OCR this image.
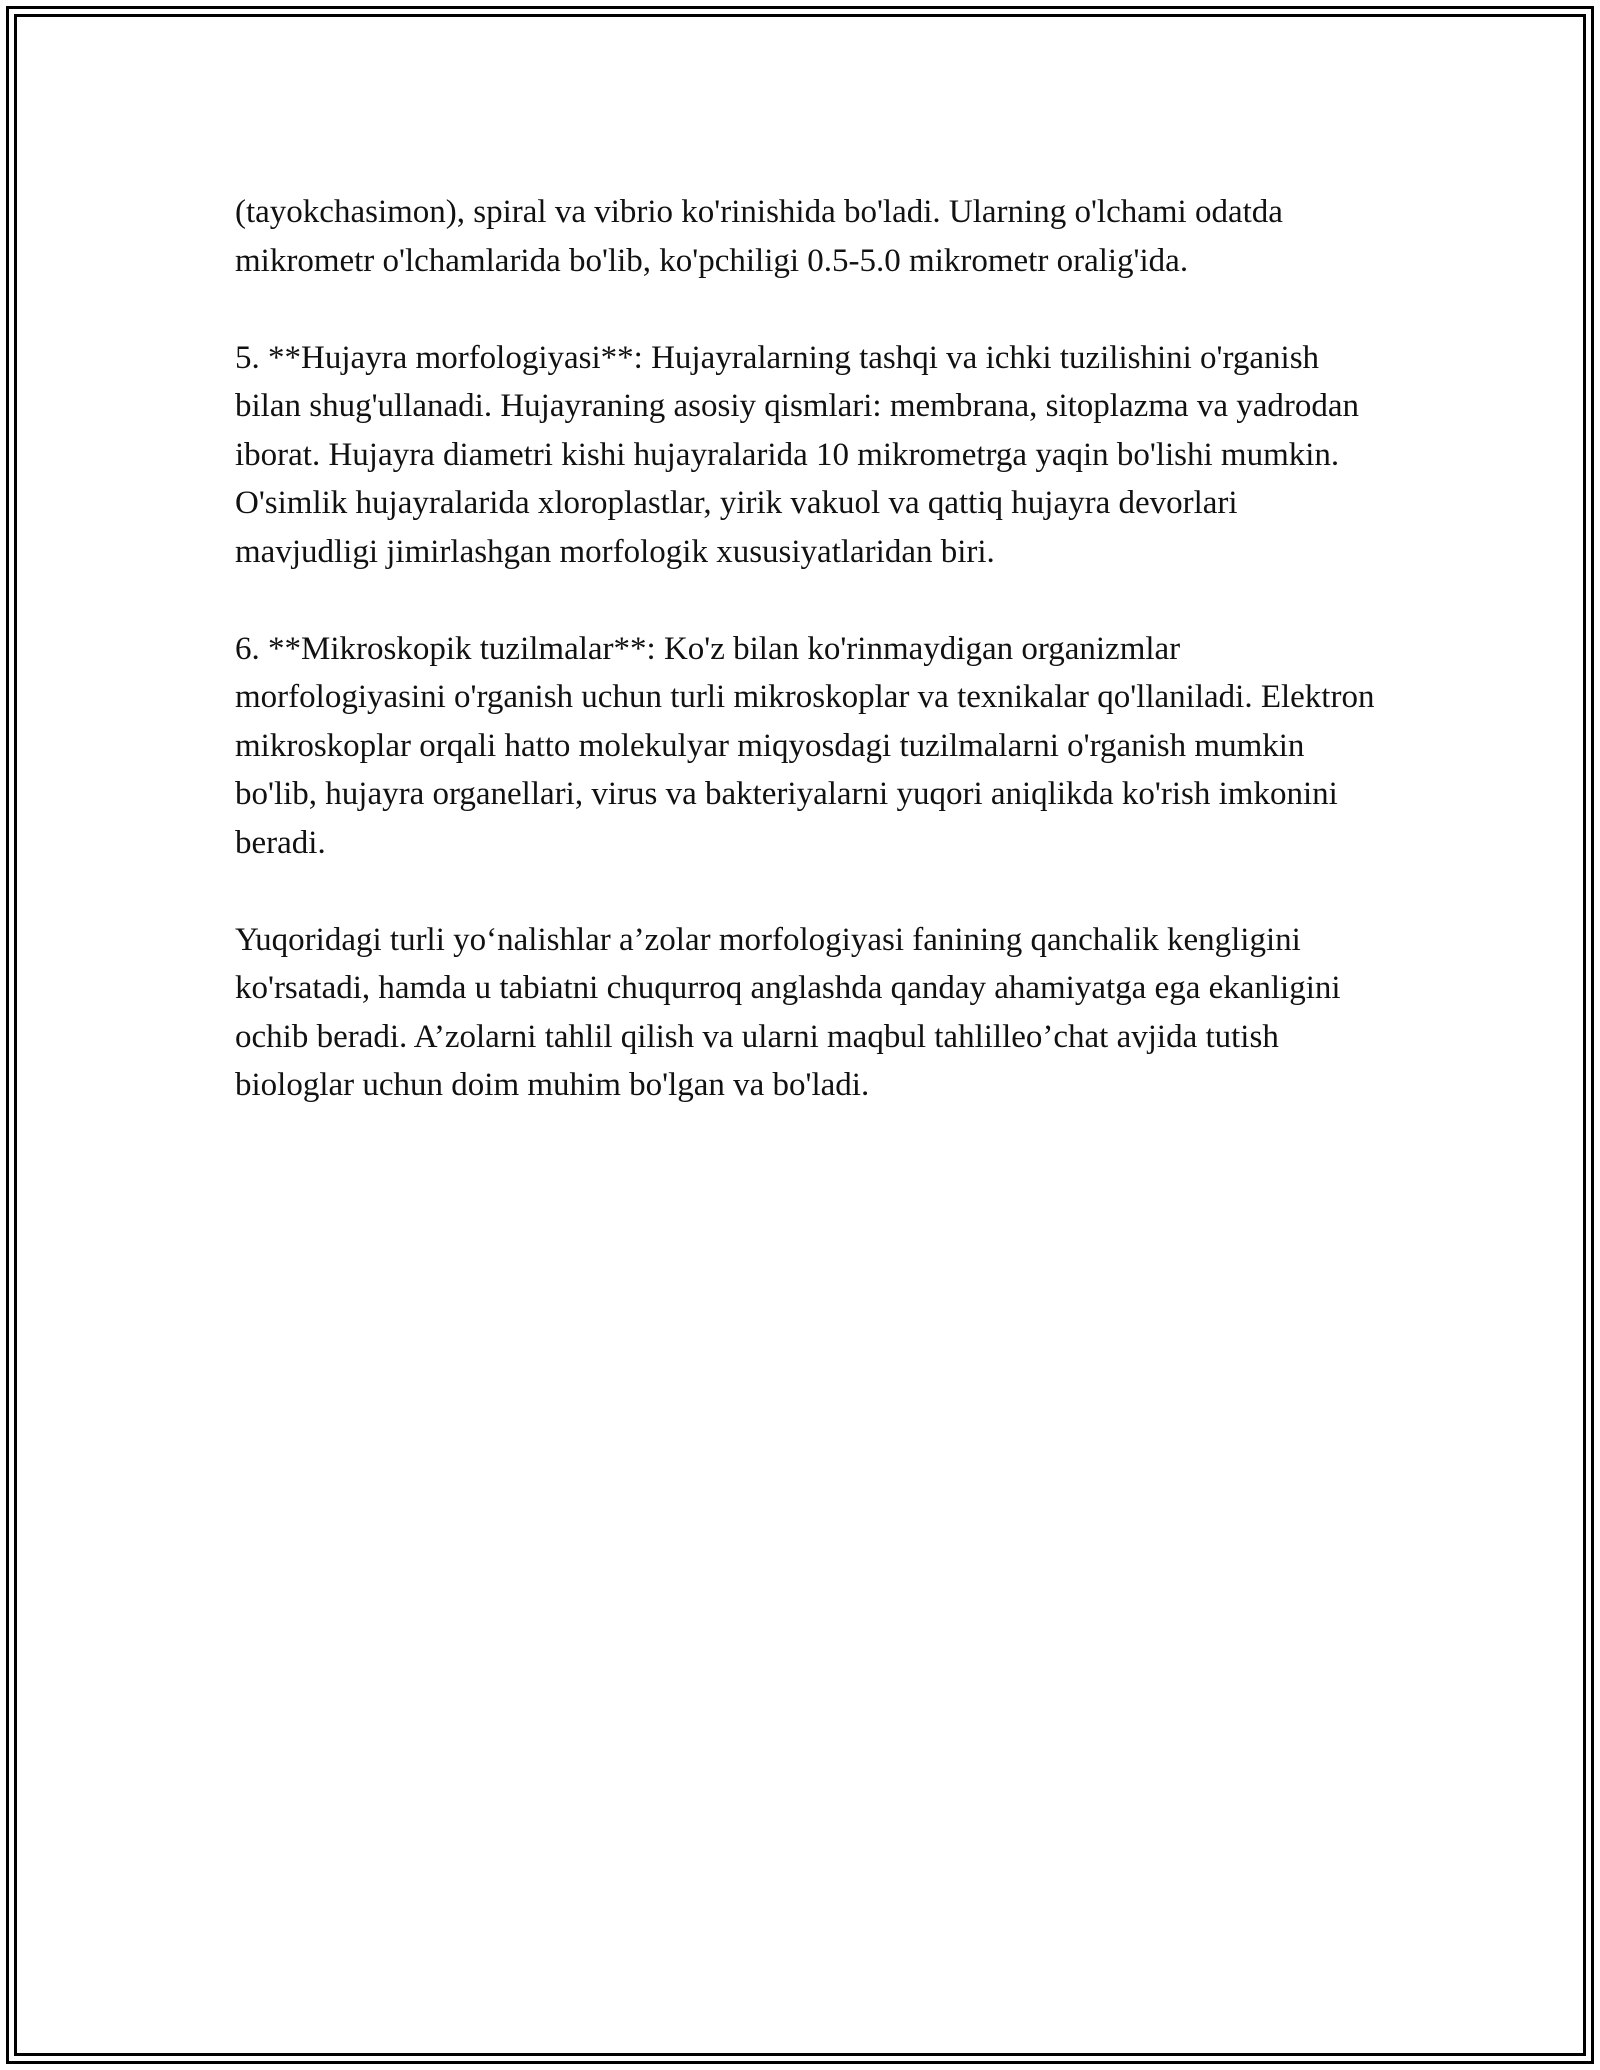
(tayokchasimon), spiral va vibrio ko'rinishida bo'ladi. Ularning o'lchami odatda mikrometr o'lchamlarida bo'lib, ko'pchiligi 0.5-5.0 mikrometr oralig'ida.

5. **Hujayra morfologiyasi**: Hujayralarning tashqi va ichki tuzilishini o'rganish bilan shug'ullanadi. Hujayraning asosiy qismlari: membrana, sitoplazma va yadrodan iborat. Hujayra diametri kishi hujayralarida 10 mikrometrga yaqin bo'lishi mumkin. O'simlik hujayralarida xloroplastlar, yirik vakuol va qattiq hujayra devorlari mavjudligi jimirlashgan morfologik xususiyatlaridan biri.

6. **Mikroskopik tuzilmalar**: Ko'z bilan ko'rinmaydigan organizmlar morfologiyasini o'rganish uchun turli mikroskoplar va texnikalar qo'llaniladi. Elektron mikroskoplar orqali hatto molekulyar miqyosdagi tuzilmalarni o'rganish mumkin bo'lib, hujayra organellari, virus va bakteriyalarni yuqori aniqlikda ko'rish imkonini beradi.

Yuqoridagi turli yo‘nalishlar a’zolar morfologiyasi fanining qanchalik kengligini ko'rsatadi, hamda u tabiatni chuqurroq anglashda qanday ahamiyatga ega ekanligini ochib beradi. A’zolarni tahlil qilish va ularni maqbul tahlilleo’chat avjida tutish biologlar uchun doim muhim bo'lgan va bo'ladi.
